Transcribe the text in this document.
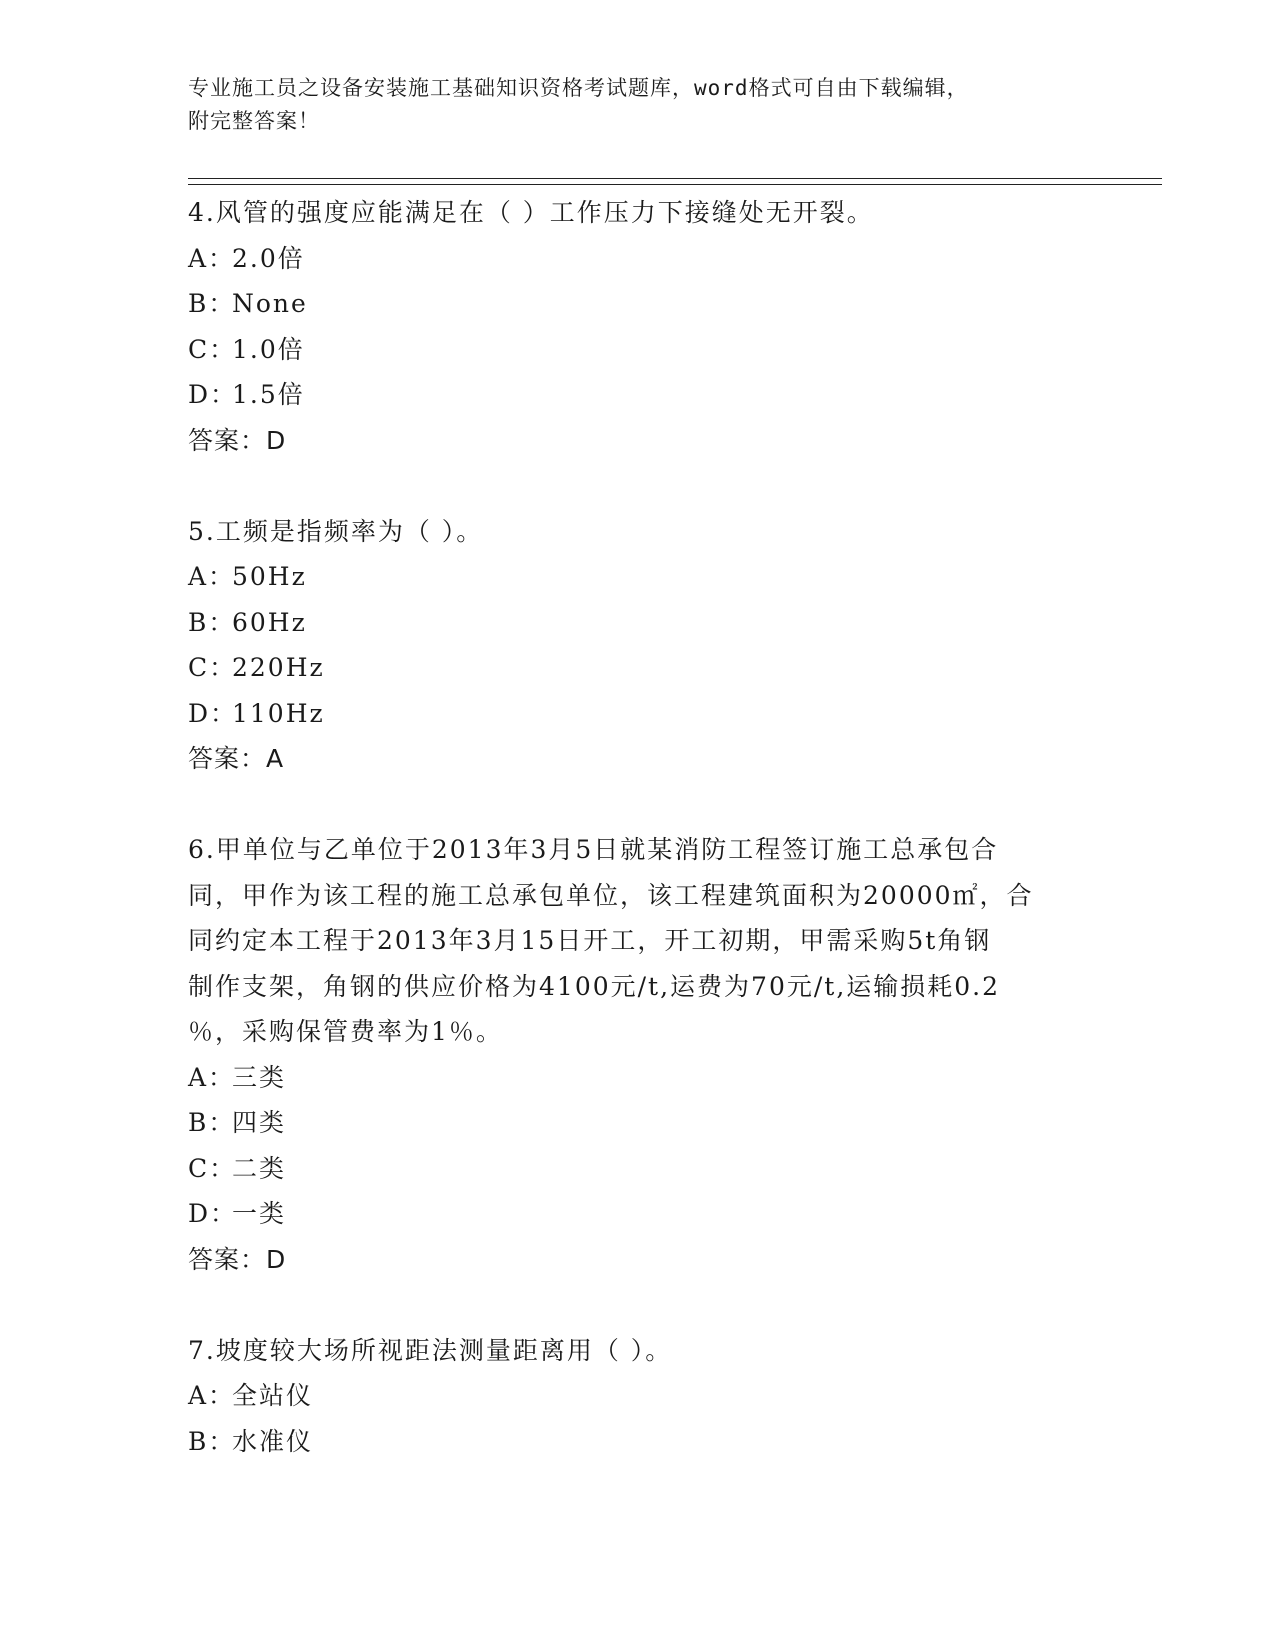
专业施工员之设备安装施工基础知识资格考试题库，word格式可自由下载编辑，
附完整答案！

4.风管的强度应能满足在（ ）工作压力下接缝处无开裂。

A：2.0倍

B：None

C：1.0倍

D：1.5倍

答案：D

5.工频是指频率为（ ）。

A：50Hz

B：60Hz

C：220Hz

D：110Hz

答案：A

6.甲单位与乙单位于2013年3月5日就某消防工程签订施工总承包合

同，甲作为该工程的施工总承包单位，该工程建筑面积为20000㎡，合

同约定本工程于2013年3月15日开工，开工初期，甲需采购5t角钢

制作支架，角钢的供应价格为4100元/t,运费为70元/t,运输损耗0.2

％，采购保管费率为1％。

A：三类

B：四类

C：二类

D：一类

答案：D

7.坡度较大场所视距法测量距离用（ ）。

A：全站仪

B：水准仪
